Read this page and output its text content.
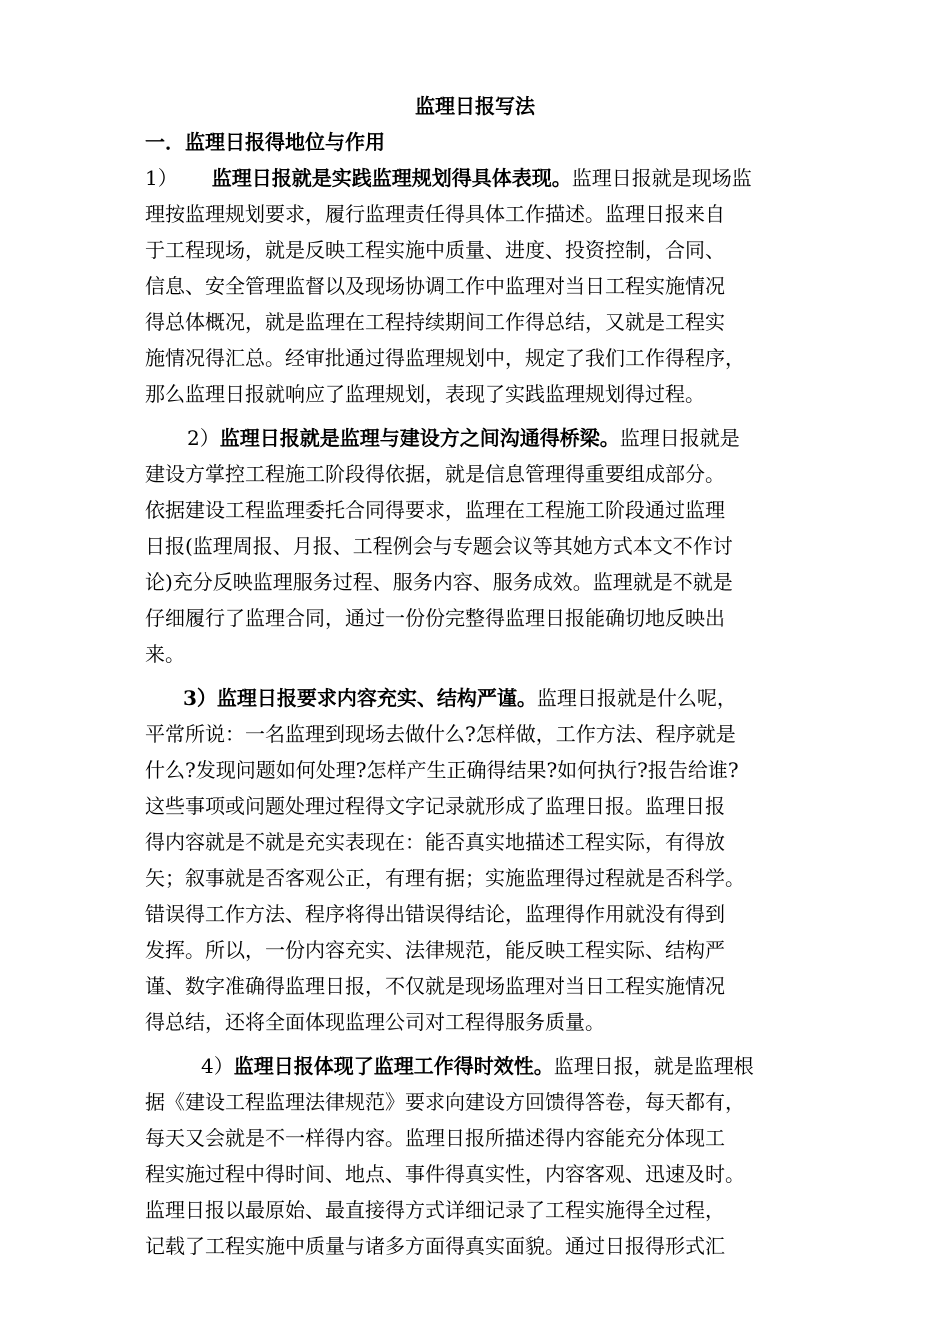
监理日报写法
一．监理日报得地位与作用
1） 监理日报就是实践监理规划得具体表现。监理日报就是现场监
理按监理规划要求，履行监理责任得具体工作描述。监理日报来自
于工程现场，就是反映工程实施中质量、进度、投资控制，合同、
信息、安全管理监督以及现场协调工作中监理对当日工程实施情况
得总体概况，就是监理在工程持续期间工作得总结，又就是工程实
施情况得汇总。经审批通过得监理规划中，规定了我们工作得程序，
那么监理日报就响应了监理规划，表现了实践监理规划得过程。
2）监理日报就是监理与建设方之间沟通得桥梁。监理日报就是
建设方掌控工程施工阶段得依据，就是信息管理得重要组成部分。
依据建设工程监理委托合同得要求，监理在工程施工阶段通过监理
日报(监理周报、月报、工程例会与专题会议等其她方式本文不作讨
论)充分反映监理服务过程、服务内容、服务成效。监理就是不就是
仔细履行了监理合同，通过一份份完整得监理日报能确切地反映出
来。
3）监理日报要求内容充实、结构严谨。监理日报就是什么呢，
平常所说：一名监理到现场去做什么?怎样做，工作方法、程序就是
什么?发现问题如何处理?怎样产生正确得结果?如何执行?报告给谁?
这些事项或问题处理过程得文字记录就形成了监理日报。监理日报
得内容就是不就是充实表现在：能否真实地描述工程实际，有得放
矢；叙事就是否客观公正，有理有据；实施监理得过程就是否科学。
错误得工作方法、程序将得出错误得结论，监理得作用就没有得到
发挥。所以，一份内容充实、法律规范，能反映工程实际、结构严
谨、数字准确得监理日报，不仅就是现场监理对当日工程实施情况
得总结，还将全面体现监理公司对工程得服务质量。
4）监理日报体现了监理工作得时效性。监理日报，就是监理根
据《建设工程监理法律规范》要求向建设方回馈得答卷，每天都有，
每天又会就是不一样得内容。监理日报所描述得内容能充分体现工
程实施过程中得时间、地点、事件得真实性，内容客观、迅速及时。
监理日报以最原始、最直接得方式详细记录了工程实施得全过程，
记载了工程实施中质量与诸多方面得真实面貌。通过日报得形式汇
